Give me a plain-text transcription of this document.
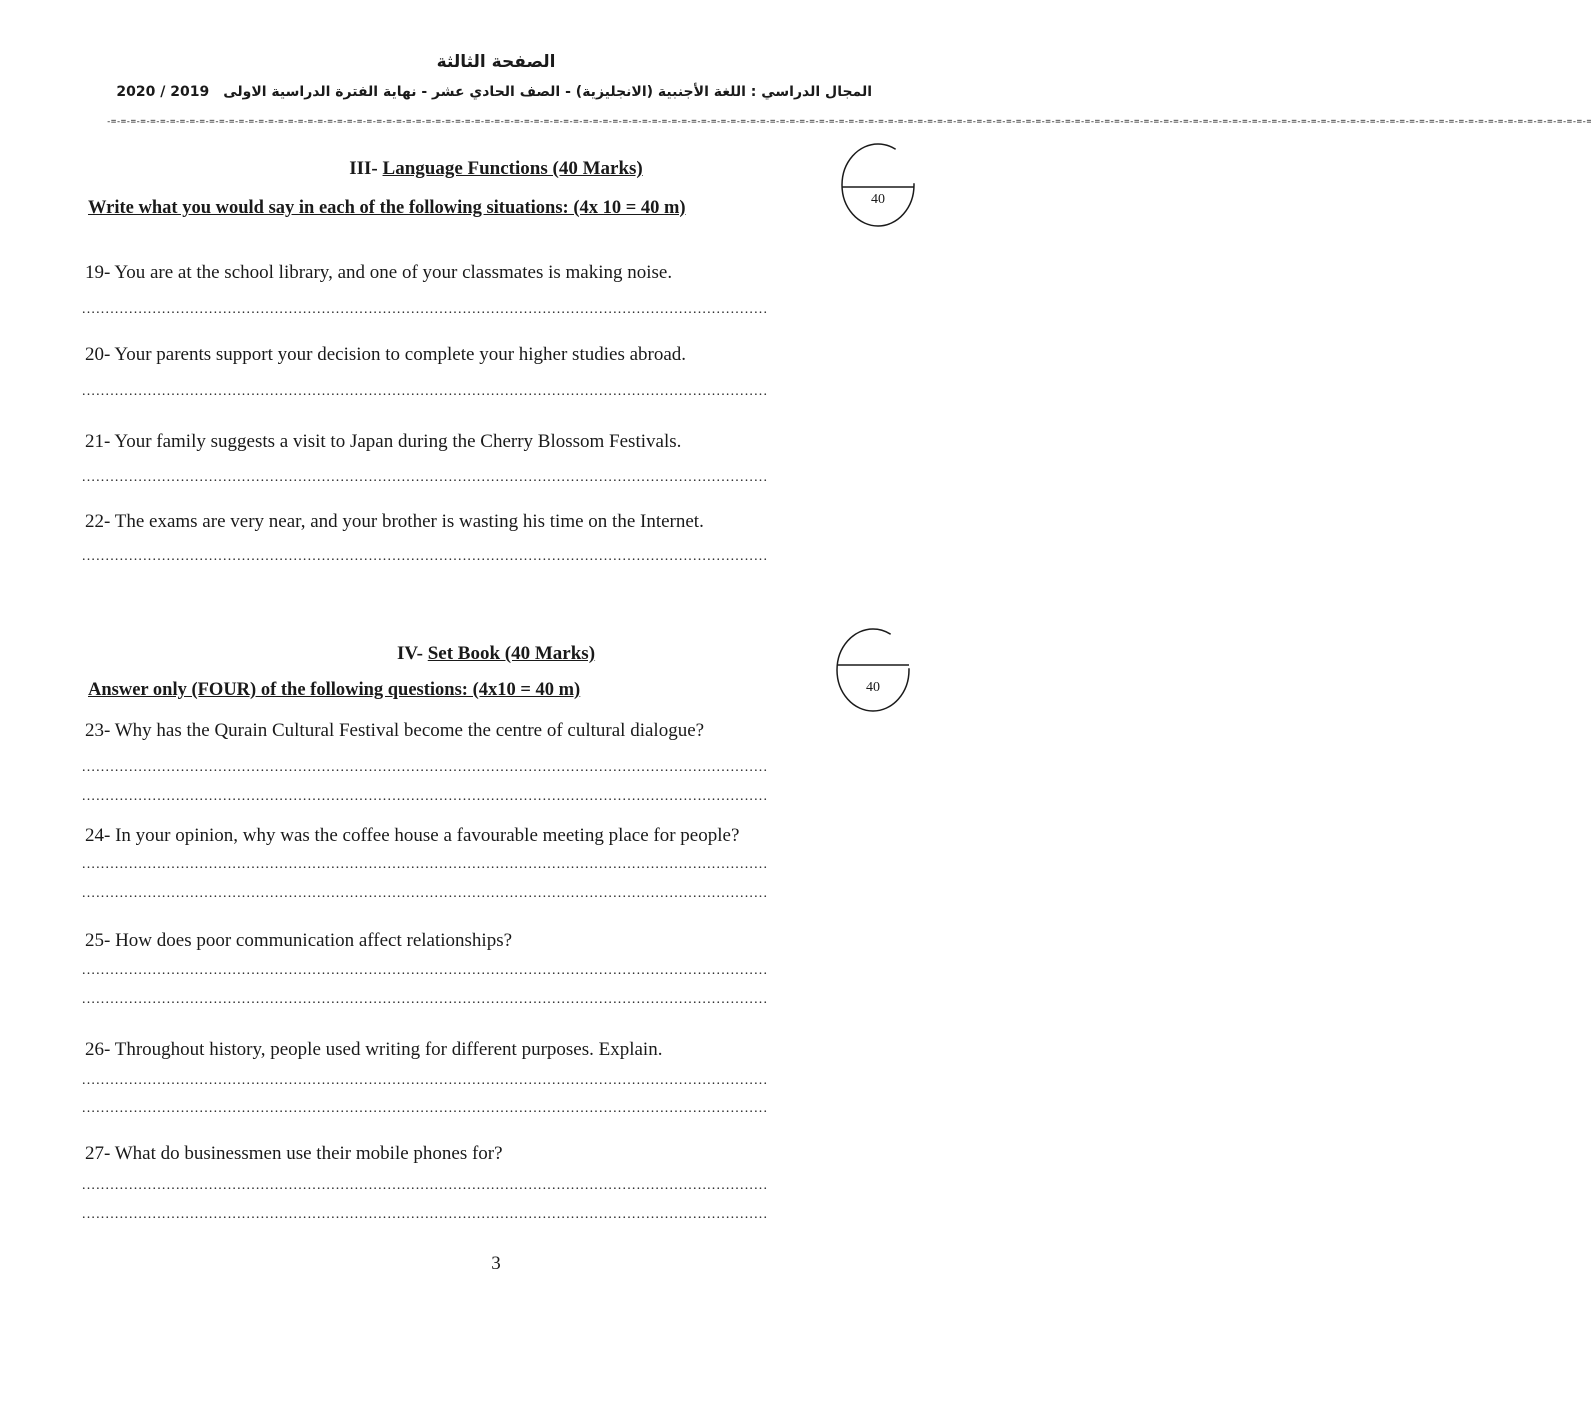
الصفحة الثالثة
المجال الدراسي : اللغة الأجنبية (الانجليزية) - الصف الحادي عشر - نهاية الفترة الدراسية الاولى2020 / 2019
-=-=-=-=-=-=-=-=-=-=-=-=-=-=-=-=-=-=-=-=-=-=-=-=-=-=-=-=-=-=-=-=-=-=-=-=-=-=-=-=-=-=-=-=-=-=-=-=-=-=-=-=-=-=-=-=-=-=-=-=-=-=-=-=-=-=-=-=-=-=-=-=-=-=-=-=-=-=-=-=-=-=-=-=-=-=-=-=-=-=-=-=-=-=-=-=-=-=-=-=-=-=-=-=-=-=-=-=-=-=-=-=-=-=-=-=-=-=-=-=-=-=-=-=-=-=-=-=-=-=-=-=-=-=-=-=-=-=-=-=-=-=-=-=-=-=-=-=-=-=-=
III- Language Functions (40 Marks)
Write what you would say in each of the following situations: (4x 10 = 40 m)	40
19- You are at the school library, and one of your classmates is making noise.
..................................................................................................................................................
20- Your parents support your decision to complete your higher studies abroad.
..................................................................................................................................................
21- Your family suggests a visit to Japan during the Cherry Blossom Festivals.
..................................................................................................................................................
22- The exams are very near, and your brother is wasting his time on the Internet.
..................................................................................................................................................
IV- Set Book (40 Marks)
Answer only (FOUR) of the following questions: (4x10 = 40 m)	40
23- Why has the Qurain Cultural Festival become the centre of cultural dialogue?
..................................................................................................................................................
..................................................................................................................................................
24- In your opinion, why was the coffee house a favourable meeting place for people?
..................................................................................................................................................
..................................................................................................................................................
25- How does poor communication affect relationships?
..................................................................................................................................................
..................................................................................................................................................
26- Throughout history, people used writing for different purposes. Explain.
..................................................................................................................................................
..................................................................................................................................................
27- What do businessmen use their mobile phones for?
..................................................................................................................................................
..................................................................................................................................................
3
